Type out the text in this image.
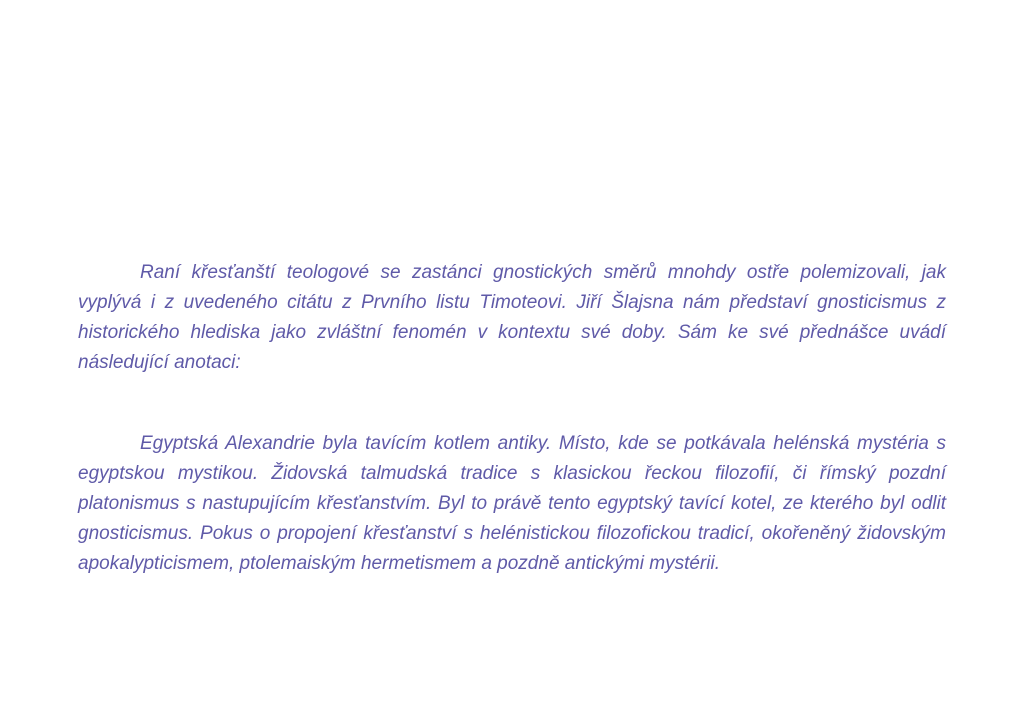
Raní křesťanští teologové se zastánci gnostických směrů mnohdy ostře polemizovali, jak vyplývá i z uvedeného citátu z Prvního listu Timoteovi. Jiří Šlajsna nám představí gnosticismus z historického hlediska jako zvláštní fenomén v kontextu své doby. Sám ke své přednášce uvádí následující anotaci:

Egyptská Alexandrie byla tavícím kotlem antiky. Místo, kde se potkávala helénská mystéria s egyptskou mystikou. Židovská talmudská tradice s klasickou řeckou filozofií, či římský pozdní platonismus s nastupujícím křesťanstvím. Byl to právě tento egyptský tavící kotel, ze kterého byl odlit gnosticismus. Pokus o propojení křesťanství s helénistickou filozofickou tradicí, okořeněný židovským apokalypticismem, ptolemaiským hermetismem a pozdně antickými mystérii.
